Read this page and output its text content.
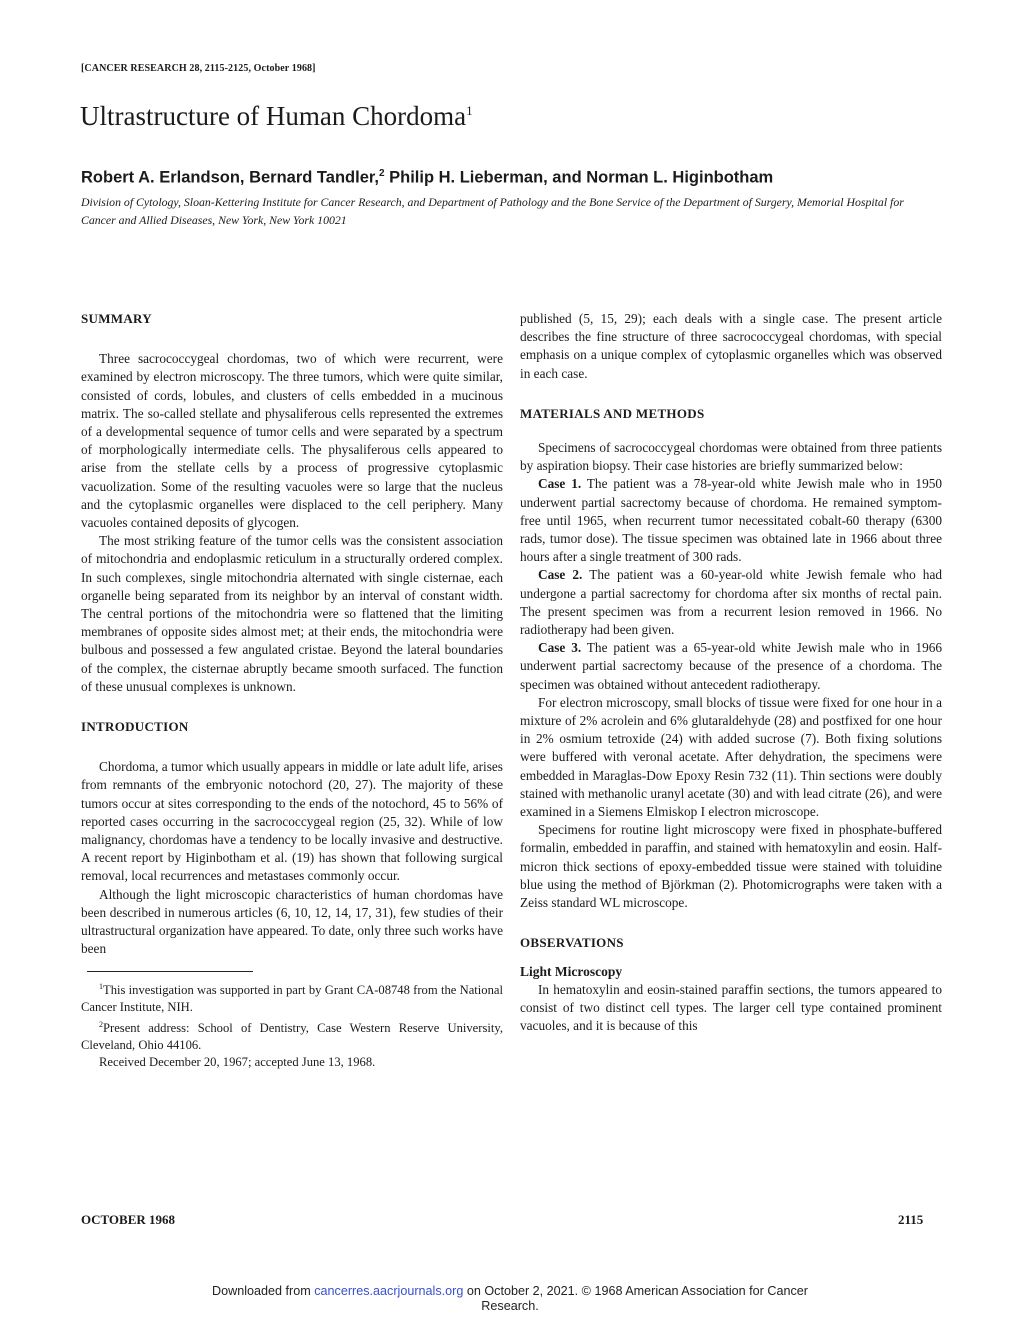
[CANCER RESEARCH 28, 2115-2125, October 1968]
Ultrastructure of Human Chordoma$^1$
Robert A. Erlandson, Bernard Tandler,$^2$ Philip H. Lieberman, and Norman L. Higinbotham
Division of Cytology, Sloan-Kettering Institute for Cancer Research, and Department of Pathology and the Bone Service of the Department of Surgery, Memorial Hospital for Cancer and Allied Diseases, New York, New York 10021
SUMMARY

Three sacrococcygeal chordomas, two of which were recurrent, were examined by electron microscopy. The three tumors, which were quite similar, consisted of cords, lobules, and clusters of cells embedded in a mucinous matrix. The so-called stellate and physaliferous cells represented the extremes of a developmental sequence of tumor cells and were separated by a spectrum of morphologically intermediate cells. The physaliferous cells appeared to arise from the stellate cells by a process of progressive cytoplasmic vacuolization. Some of the resulting vacuoles were so large that the nucleus and the cytoplasmic organelles were displaced to the cell periphery. Many vacuoles contained deposits of glycogen.

The most striking feature of the tumor cells was the consistent association of mitochondria and endoplasmic reticulum in a structurally ordered complex. In such complexes, single mitochondria alternated with single cisternae, each organelle being separated from its neighbor by an interval of constant width. The central portions of the mitochondria were so flattened that the limiting membranes of opposite sides almost met; at their ends, the mitochondria were bulbous and possessed a few angulated cristae. Beyond the lateral boundaries of the complex, the cisternae abruptly became smooth surfaced. The function of these unusual complexes is unknown.

INTRODUCTION

Chordoma, a tumor which usually appears in middle or late adult life, arises from remnants of the embryonic notochord (20, 27). The majority of these tumors occur at sites corresponding to the ends of the notochord, 45 to 56% of reported cases occurring in the sacrococcygeal region (25, 32). While of low malignancy, chordomas have a tendency to be locally invasive and destructive. A recent report by Higinbotham et al. (19) has shown that following surgical removal, local recurrences and metastases commonly occur.

Although the light microscopic characteristics of human chordomas have been described in numerous articles (6, 10, 12, 14, 17, 31), few studies of their ultrastructural organization have appeared. To date, only three such works have been

$^1$This investigation was supported in part by Grant CA-08748 from the National Cancer Institute, NIH.

$^2$Present address: School of Dentistry, Case Western Reserve University, Cleveland, Ohio 44106.

Received December 20, 1967; accepted June 13, 1968.

published (5, 15, 29); each deals with a single case. The present article describes the fine structure of three sacrococcygeal chordomas, with special emphasis on a unique complex of cytoplasmic organelles which was observed in each case.

MATERIALS AND METHODS

Specimens of sacrococcygeal chordomas were obtained from three patients by aspiration biopsy. Their case histories are briefly summarized below:

Case 1. The patient was a 78-year-old white Jewish male who in 1950 underwent partial sacrectomy because of chordoma. He remained symptom-free until 1965, when recurrent tumor necessitated cobalt-60 therapy (6300 rads, tumor dose). The tissue specimen was obtained late in 1966 about three hours after a single treatment of 300 rads.

Case 2. The patient was a 60-year-old white Jewish female who had undergone a partial sacrectomy for chordoma after six months of rectal pain. The present specimen was from a recurrent lesion removed in 1966. No radiotherapy had been given.

Case 3. The patient was a 65-year-old white Jewish male who in 1966 underwent partial sacrectomy because of the presence of a chordoma. The specimen was obtained without antecedent radiotherapy.

For electron microscopy, small blocks of tissue were fixed for one hour in a mixture of 2% acrolein and 6% glutaraldehyde (28) and postfixed for one hour in 2% osmium tetroxide (24) with added sucrose (7). Both fixing solutions were buffered with veronal acetate. After dehydration, the specimens were embedded in Maraglas-Dow Epoxy Resin 732 (11). Thin sections were doubly stained with methanolic uranyl acetate (30) and with lead citrate (26), and were examined in a Siemens Elmiskop I electron microscope.

Specimens for routine light microscopy were fixed in phosphate-buffered formalin, embedded in paraffin, and stained with hematoxylin and eosin. Half-micron thick sections of epoxy-embedded tissue were stained with toluidine blue using the method of Björkman (2). Photomicrographs were taken with a Zeiss standard WL microscope.

OBSERVATIONS
Light Microscopy

In hematoxylin and eosin-stained paraffin sections, the tumors appeared to consist of two distinct cell types. The larger cell type contained prominent vacuoles, and it is because of this

OCTOBER 1968	2115
Downloaded from cancerres.aacrjournals.org on October 2, 2021. © 1968 American Association for Cancer
Research.
